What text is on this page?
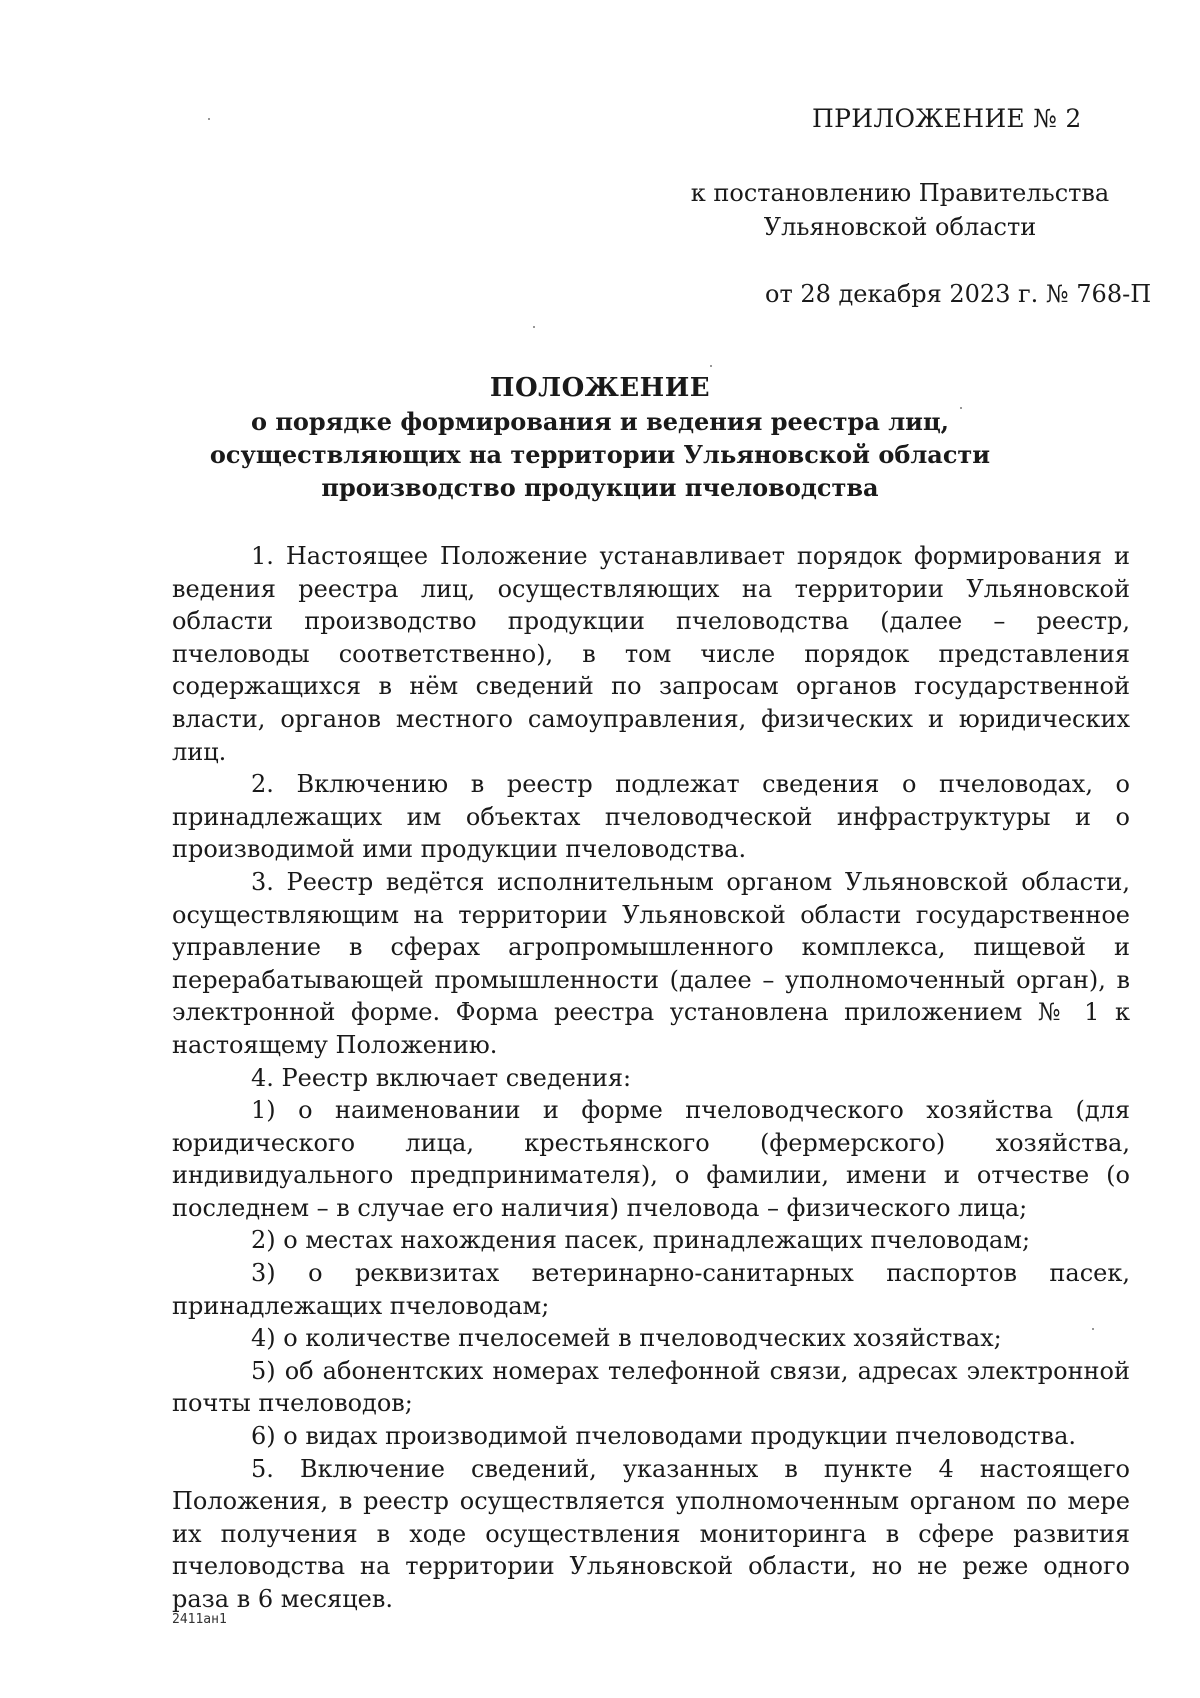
ПРИЛОЖЕНИЕ № 2
к постановлению Правительства
Ульяновской области
от 28 декабря 2023 г. № 768-П
ПОЛОЖЕНИЕ
о порядке формирования и ведения реестра лиц,
осуществляющих на территории Ульяновской области
производство продукции пчеловодства

1. Настоящее Положение устанавливает порядок формирования и ведения реестра лиц, осуществляющих на территории Ульяновской области производство продукции пчеловодства (далее – реестр, пчеловоды соответственно), в том числе порядок представления содержащихся в нём сведений по запросам органов государственной власти, органов местного самоуправления, физических и юридических лиц.

2. Включению в реестр подлежат сведения о пчеловодах, о принадлежащих им объектах пчеловодческой инфраструктуры и о производимой ими продукции пчеловодства.

3. Реестр ведётся исполнительным органом Ульяновской области, осуществляющим на территории Ульяновской области государственное управление в сферах агропромышленного комплекса, пищевой и перерабатывающей промышленности (далее – уполномоченный орган), в электронной форме. Форма реестра установлена приложением № 1 к настоящему Положению.

4. Реестр включает сведения:

1) о наименовании и форме пчеловодческого хозяйства (для юридического лица, крестьянского (фермерского) хозяйства, индивидуального предпринимателя), о фамилии, имени и отчестве (о последнем – в случае его наличия) пчеловода – физического лица;

2) о местах нахождения пасек, принадлежащих пчеловодам;

3) о реквизитах ветеринарно-санитарных паспортов пасек, принадлежащих пчеловодам;

4) о количестве пчелосемей в пчеловодческих хозяйствах;

5) об абонентских номерах телефонной связи, адресах электронной почты пчеловодов;

6) о видах производимой пчеловодами продукции пчеловодства.

5. Включение сведений, указанных в пункте 4 настоящего Положения, в реестр осуществляется уполномоченным органом по мере их получения в ходе осуществления мониторинга в сфере развития пчеловодства на территории Ульяновской области, но не реже одного раза в 6 месяцев.

2411ан1
